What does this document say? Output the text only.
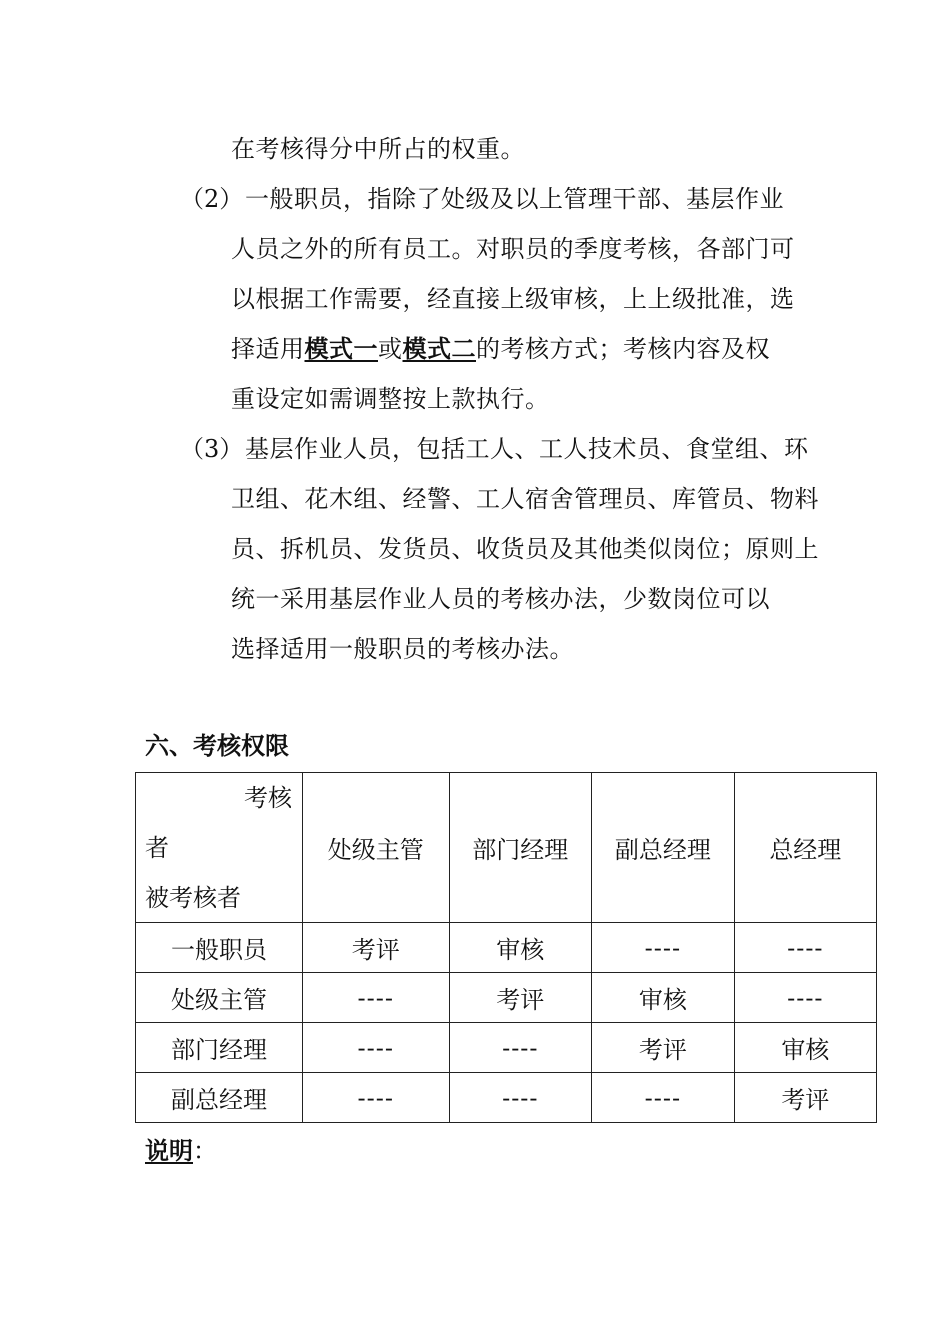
在考核得分中所占的权重。
（2） 一般职员，指除了处级及以上管理干部、基层作业
人员之外的所有员工。对职员的季度考核，各部门可
以根据工作需要，经直接上级审核，上上级批准，选
择适用模式一或模式二的考核方式；考核内容及权
重设定如需调整按上款执行。
（3） 基层作业人员，包括工人、工人技术员、食堂组、环
卫组、花木组、经警、工人宿舍管理员、库管员、物料
员、拆机员、发货员、收货员及其他类似岗位；原则上
统一采用基层作业人员的考核办法，少数岗位可以
选择适用一般职员的考核办法。
六、考核权限
考核
者
被考核者	处级主管	部门经理	副总经理	总经理
一般职员	考评	审核	----	----
处级主管	----	考评	审核	----
部门经理	----	----	考评	审核
副总经理	----	----	----	考评
说明：
